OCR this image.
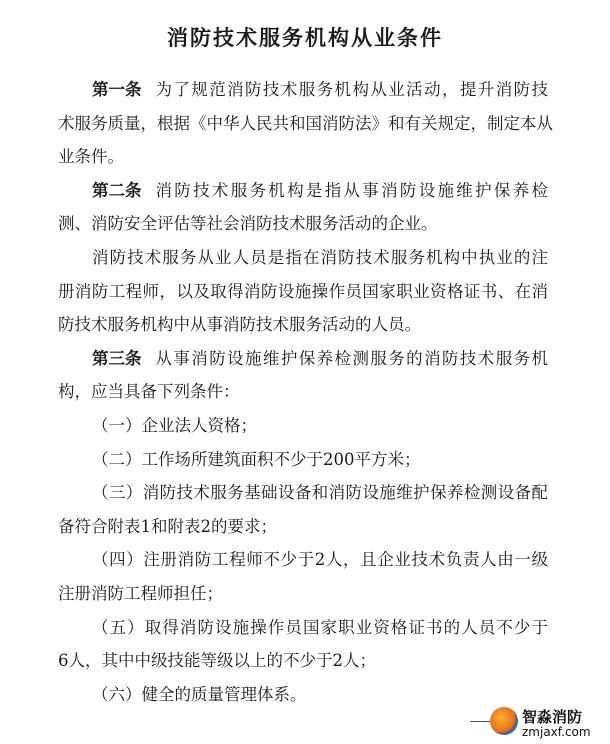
消防技术服务机构从业条件
第一条 为了规范消防技术服务机构从业活动，提升消防技
术服务质量，根据《中华人民共和国消防法》和有关规定，制定本从
业条件。
第二条 消防技术服务机构是指从事消防设施维护保养检
测、消防安全评估等社会消防技术服务活动的企业。
消防技术服务从业人员是指在消防技术服务机构中执业的注
册消防工程师，以及取得消防设施操作员国家职业资格证书、在消
防技术服务机构中从事消防技术服务活动的人员。
第三条 从事消防设施维护保养检测服务的消防技术服务机
构，应当具备下列条件：
（一）企业法人资格；
（二）工作场所建筑面积不少于200平方米；
（三）消防技术服务基础设备和消防设施维护保养检测设备配
备符合附表1和附表2的要求；
（四）注册消防工程师不少于2人，且企业技术负责人由一级
注册消防工程师担任；
（五）取得消防设施操作员国家职业资格证书的人员不少于
6人，其中中级技能等级以上的不少于2人；
（六）健全的质量管理体系。
智淼消防
zmjaxf.com
